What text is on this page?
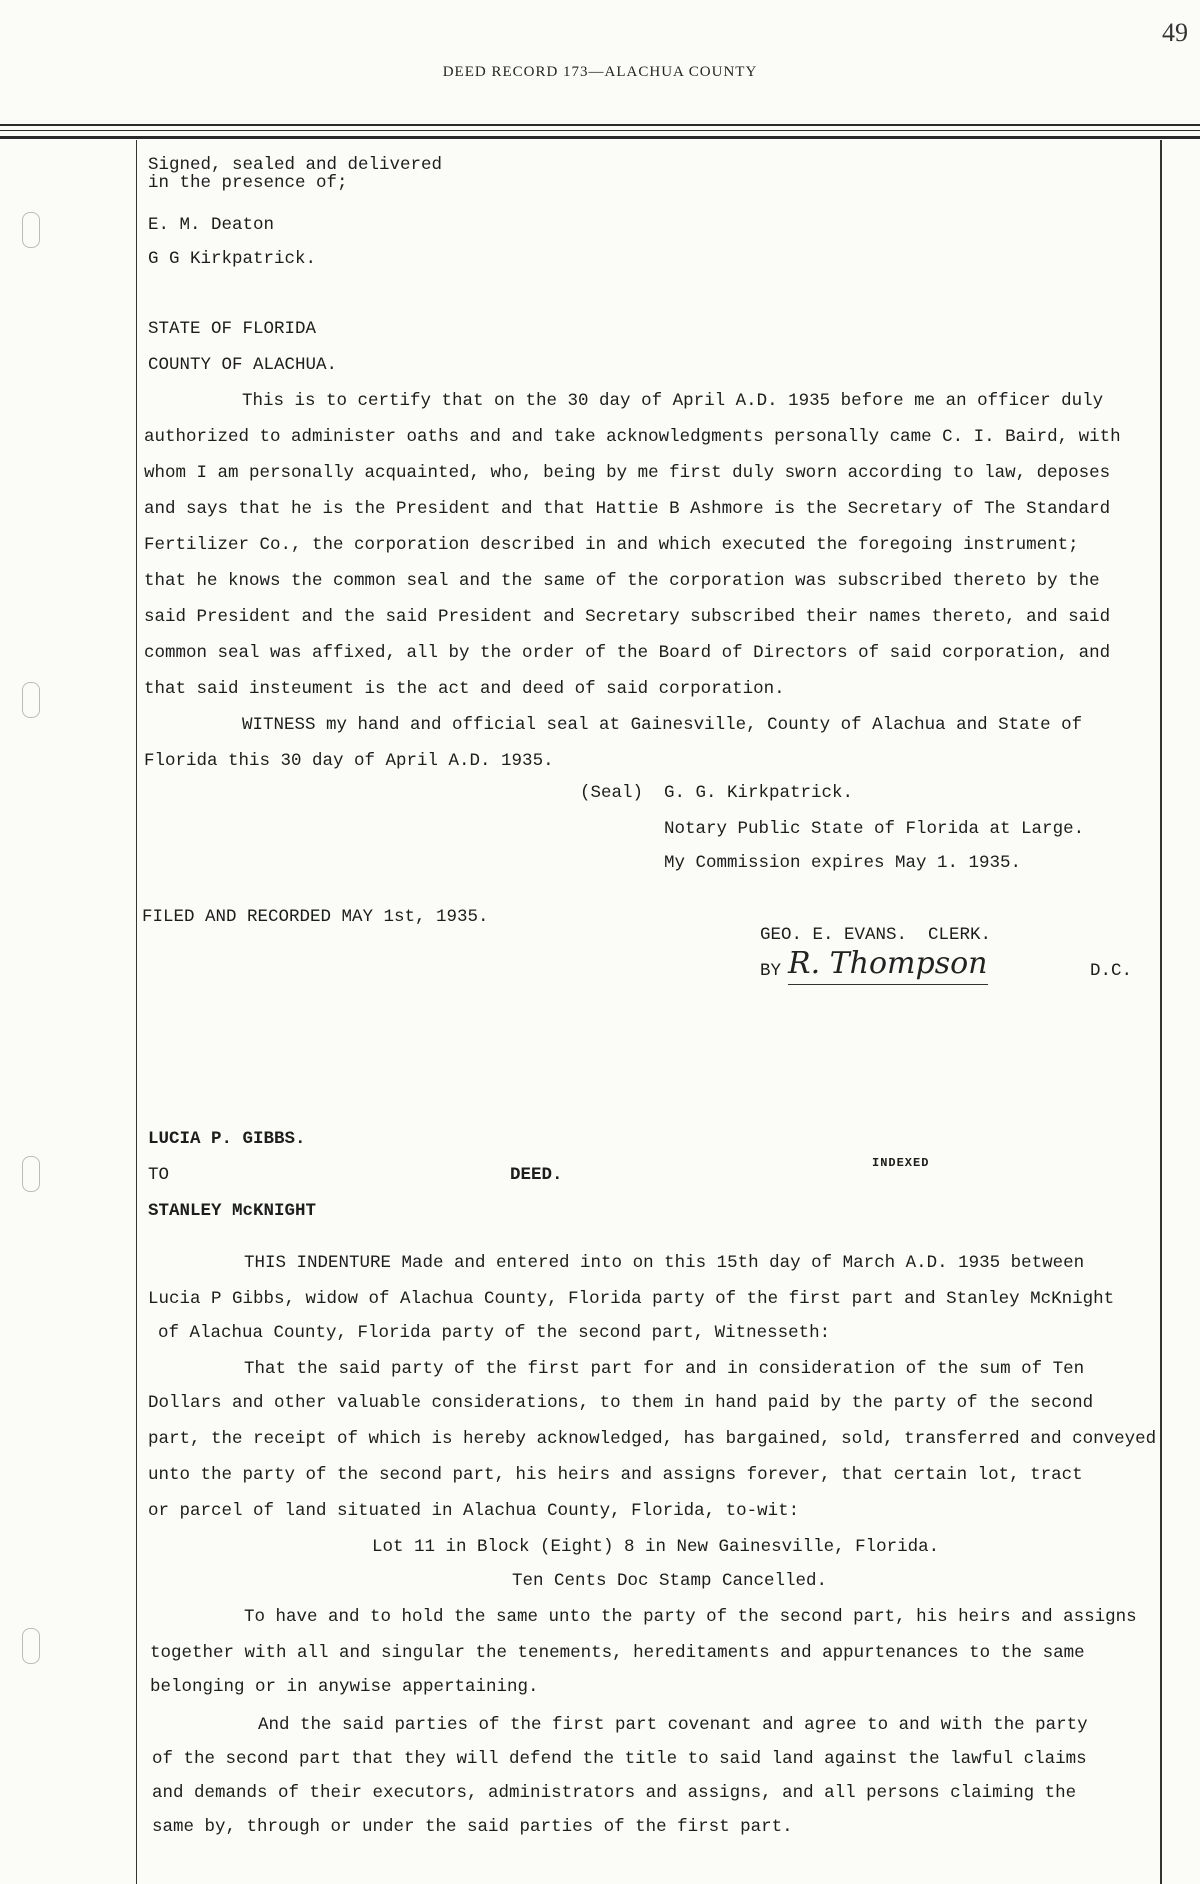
49
DEED RECORD 173—ALACHUA COUNTY
Signed, sealed and delivered
in the presence of;
E. M. Deaton
G G Kirkpatrick.
STATE OF FLORIDA
COUNTY OF ALACHUA.
This is to certify that on the 30 day of April A.D. 1935 before me an officer duly
authorized to administer oaths and and take acknowledgments personally came C. I. Baird, with
whom I am personally acquainted, who, being by me first duly sworn according to law, deposes
and says that he is the President and that Hattie B Ashmore is the Secretary of The Standard
Fertilizer Co., the corporation described in and which executed the foregoing instrument;
that he knows the common seal and the same of the corporation was subscribed thereto by the
said President and the said President and Secretary subscribed their names thereto, and said
common seal was affixed, all by the order of the Board of Directors of said corporation, and
that said insteument is the act and deed of said corporation.
WITNESS my hand and official seal at Gainesville, County of Alachua and State of
Florida this 30 day of April A.D. 1935.
(Seal) G. G. Kirkpatrick.
Notary Public State of Florida at Large.
My Commission expires May 1. 1935.
FILED AND RECORDED MAY 1st, 1935.
GEO. E. EVANS.  CLERK.
BY R. Thompson	D.C.
LUCIA P. GIBBS.
TO	DEED.
INDEXED
STANLEY McKNIGHT
THIS INDENTURE Made and entered into on this 15th day of March A.D. 1935 between
Lucia P Gibbs, widow of Alachua County, Florida party of the first part and Stanley McKnight
of Alachua County, Florida party of the second part, Witnesseth:
That the said party of the first part for and in consideration of the sum of Ten
Dollars and other valuable considerations, to them in hand paid by the party of the second
part, the receipt of which is hereby acknowledged, has bargained, sold, transferred and conveyed
unto the party of the second part, his heirs and assigns forever, that certain lot, tract
or parcel of land situated in Alachua County, Florida, to-wit:
Lot 11 in Block (Eight) 8 in New Gainesville, Florida.
Ten Cents Doc Stamp Cancelled.
To have and to hold the same unto the party of the second part, his heirs and assigns
together with all and singular the tenements, hereditaments and appurtenances to the same
belonging or in anywise appertaining.
And the said parties of the first part covenant and agree to and with the party
of the second part that they will defend the title to said land against the lawful claims
and demands of their executors, administrators and assigns, and all persons claiming the
same by, through or under the said parties of the first part.
